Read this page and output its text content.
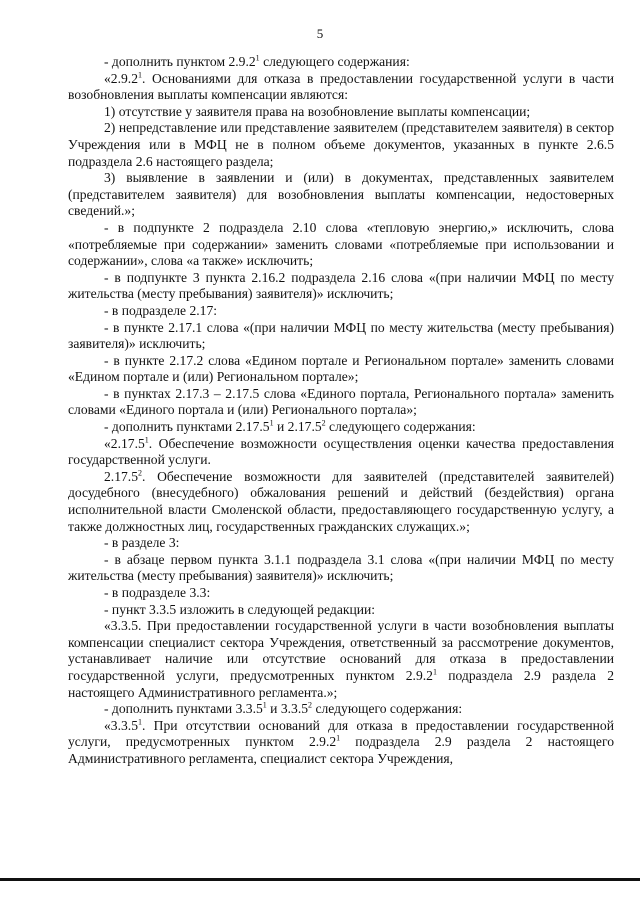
5

- дополнить пунктом 2.9.2$^1$ следующего содержания:

«2.9.2$^1$. Основаниями для отказа в предоставлении государственной услуги в части возобновления выплаты компенсации являются:

1) отсутствие у заявителя права на возобновление выплаты компенсации;

2) непредставление или представление заявителем (представителем заявителя) в сектор Учреждения или в МФЦ не в полном объеме документов, указанных в пункте 2.6.5 подраздела 2.6 настоящего раздела;

3) выявление в заявлении и (или) в документах, представленных заявителем (представителем заявителя) для возобновления выплаты компенсации, недостоверных сведений.»;

- в подпункте 2 подраздела 2.10 слова «тепловую энергию,» исключить, слова «потребляемые при содержании» заменить словами «потребляемые при использовании и содержании», слова «а также» исключить;

- в подпункте 3 пункта 2.16.2 подраздела 2.16 слова «(при наличии МФЦ по месту жительства (месту пребывания) заявителя)» исключить;

- в подразделе 2.17:

- в пункте 2.17.1 слова «(при наличии МФЦ по месту жительства (месту пребывания) заявителя)» исключить;

- в пункте 2.17.2 слова «Едином портале и Региональном портале» заменить словами «Едином портале и (или) Региональном портале»;

- в пунктах 2.17.3 – 2.17.5 слова «Единого портала, Регионального портала» заменить словами «Единого портала и (или) Регионального портала»;

- дополнить пунктами 2.17.5$^1$ и 2.17.5$^2$ следующего содержания:

«2.17.5$^1$. Обеспечение возможности осуществления оценки качества предоставления государственной услуги.

2.17.5$^2$. Обеспечение возможности для заявителей (представителей заявителей) досудебного (внесудебного) обжалования решений и действий (бездействия) органа исполнительной власти Смоленской области, предоставляющего государственную услугу, а также должностных лиц, государственных гражданских служащих.»;

- в разделе 3:

- в абзаце первом пункта 3.1.1 подраздела 3.1 слова «(при наличии МФЦ по месту жительства (месту пребывания) заявителя)» исключить;

- в подразделе 3.3:

- пункт 3.3.5 изложить в следующей редакции:

«3.3.5. При предоставлении государственной услуги в части возобновления выплаты компенсации специалист сектора Учреждения, ответственный за рассмотрение документов, устанавливает наличие или отсутствие оснований для отказа в предоставлении государственной услуги, предусмотренных пунктом 2.9.2$^1$ подраздела 2.9 раздела 2 настоящего Административного регламента.»;

- дополнить пунктами 3.3.5$^1$ и 3.3.5$^2$ следующего содержания:

«3.3.5$^1$. При отсутствии оснований для отказа в предоставлении государственной услуги, предусмотренных пунктом 2.9.2$^1$ подраздела 2.9 раздела 2 настоящего Административного регламента, специалист сектора Учреждения,
